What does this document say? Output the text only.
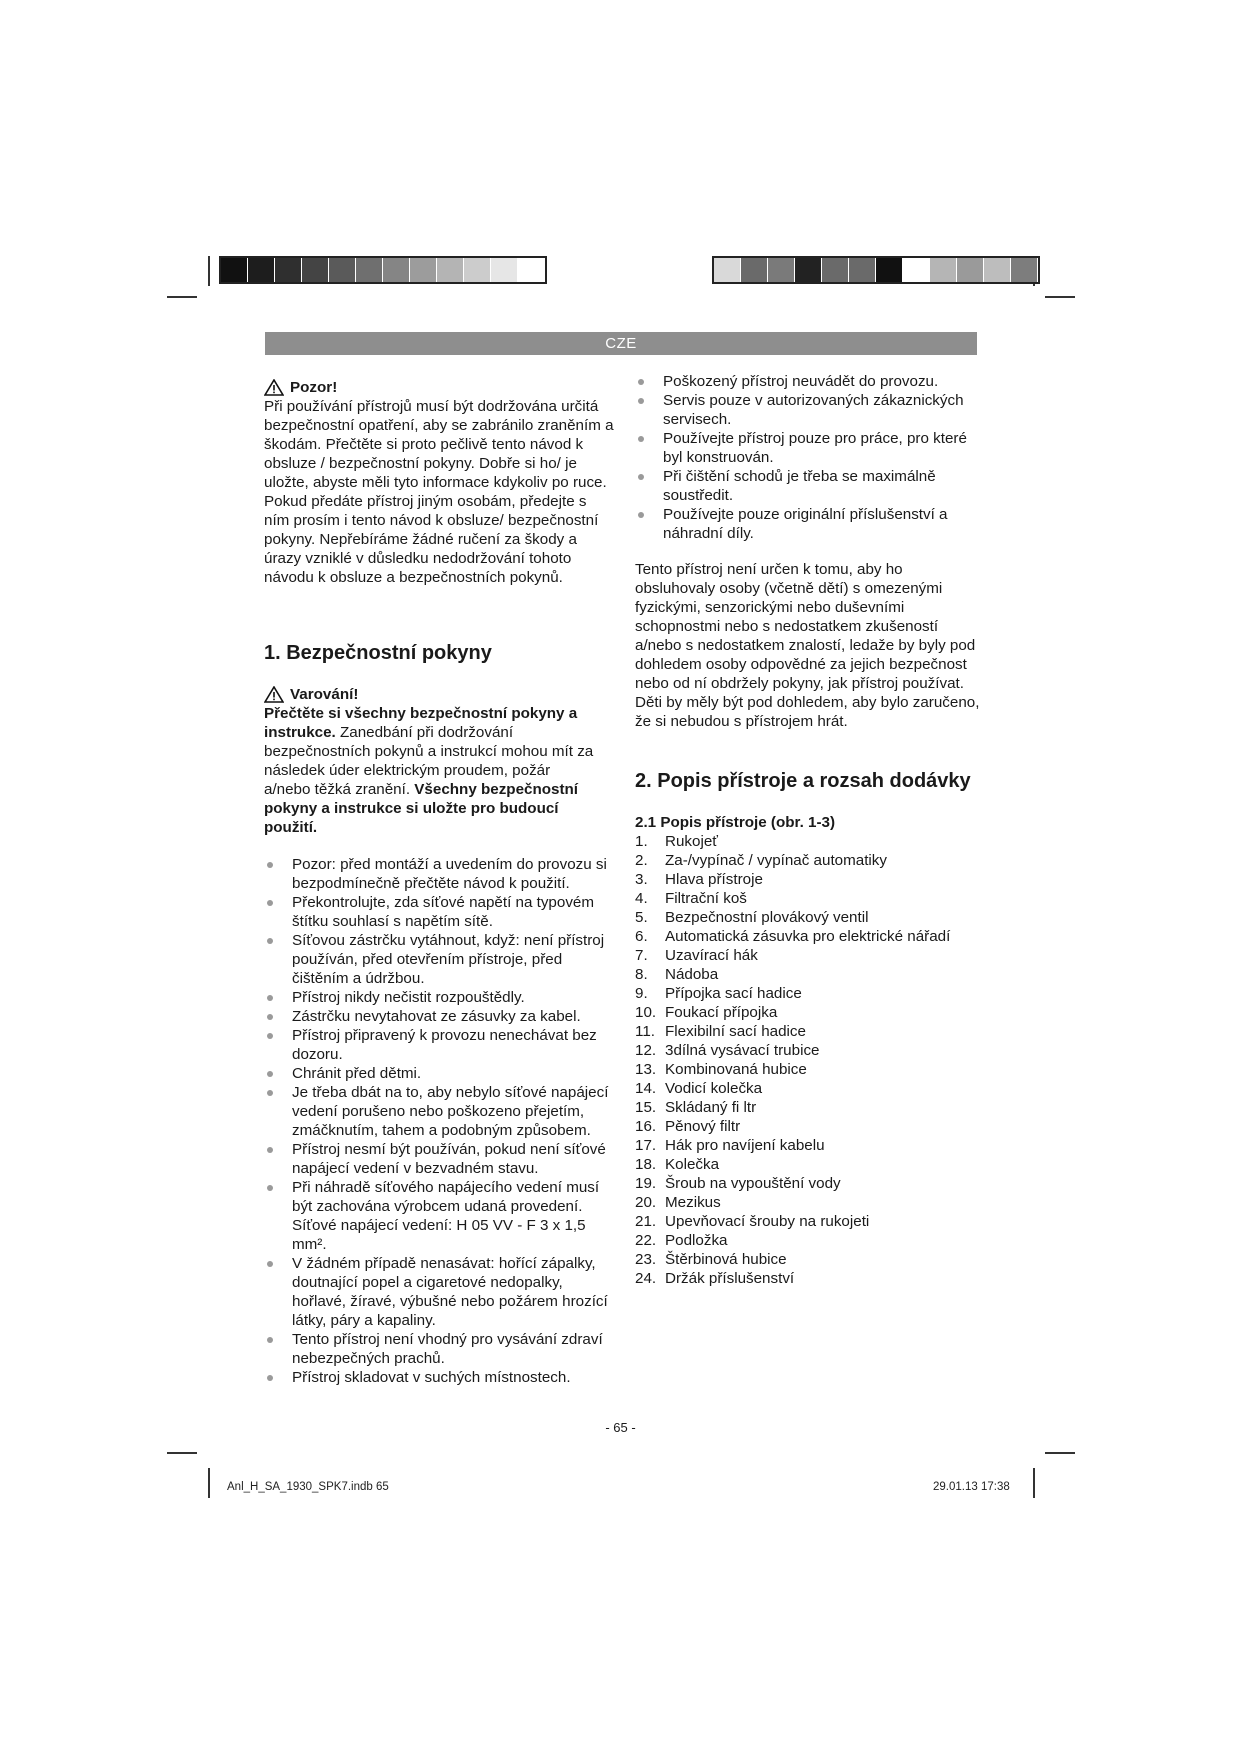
CZE
Pozor!

Při používání přístrojů musí být dodržována určitá bezpečnostní opatření, aby se zabránilo zraněním a škodám. Přečtěte si proto pečlivě tento návod k obsluze / bezpečnostní pokyny. Dobře si ho/ je uložte, abyste měli tyto informace kdykoliv po ruce. Pokud předáte přístroj jiným osobám, předejte s ním prosím i tento návod k obsluze/ bezpečnostní pokyny. Nepřebíráme žádné ručení za škody a úrazy vzniklé v důsledku nedodržování tohoto návodu k obsluze a bezpečnostních pokynů.

1. Bezpečnostní pokyny
Varování!

Přečtěte si všechny bezpečnostní pokyny a instrukce. Zanedbání při dodržování bezpečnostních pokynů a instrukcí mohou mít za následek úder elektrickým proudem, požár a/nebo těžká zranění. Všechny bezpečnostní pokyny a instrukce si uložte pro budoucí použití.

Pozor: před montáží a uvedením do provozu si bezpodmínečně přečtěte návod k použití.
Překontrolujte, zda síťové napětí na typovém štítku souhlasí s napětím sítě.
Síťovou zástrčku vytáhnout, když: není přístroj používán, před otevřením přístroje, před čištěním a údržbou.
Přístroj nikdy nečistit rozpouštědly.
Zástrčku nevytahovat ze zásuvky za kabel.
Přístroj připravený k provozu nenechávat bez dozoru.
Chránit před dětmi.
Je třeba dbát na to, aby nebylo síťové napájecí vedení porušeno nebo poškozeno přejetím, zmáčknutím, tahem a podobným způsobem.
Přístroj nesmí být používán, pokud není síťové napájecí vedení v bezvadném stavu.
Při náhradě síťového napájecího vedení musí být zachována výrobcem udaná provedení. Síťové napájecí vedení: H 05 VV - F 3 x 1,5 mm².
V žádném případě nenasávat: hořící zápalky, doutnající popel a cigaretové nedopalky, hořlavé, žíravé, výbušné nebo požárem hrozící látky, páry a kapaliny.
Tento přístroj není vhodný pro vysávání zdraví nebezpečných prachů.
Přístroj skladovat v suchých místnostech.
Poškozený přístroj neuvádět do provozu.
Servis pouze v autorizovaných zákaznických servisech.
Používejte přístroj pouze pro práce, pro které byl konstruován.
Při čištění schodů je třeba se maximálně soustředit.
Používejte pouze originální příslušenství a náhradní díly.

Tento přístroj není určen k tomu, aby ho obsluhovaly osoby (včetně dětí) s omezenými fyzickými, senzorickými nebo duševními schopnostmi nebo s nedostatkem zkušeností a/nebo s nedostatkem znalostí, ledaže by byly pod dohledem osoby odpovědné za jejich bezpečnost nebo od ní obdržely pokyny, jak přístroj používat. Děti by měly být pod dohledem, aby bylo zaručeno, že si nebudou s přístrojem hrát.

2. Popis přístroje a rozsah dodávky

2.1 Popis přístroje (obr. 1-3)

1.	Rukojeť
2.	Za-/vypínač / vypínač automatiky
3.	Hlava přístroje
4.	Filtrační koš
5.	Bezpečnostní plovákový ventil
6.	Automatická zásuvka pro elektrické nářadí
7.	Uzavírací hák
8.	Nádoba
9.	Přípojka sací hadice
10. Foukací přípojka
11. Flexibilní sací hadice
12. 3dílná vysávací trubice
13. Kombinovaná hubice
14. Vodicí kolečka
15. Skládaný fi ltr
16. Pěnový filtr
17. Hák pro navíjení kabelu
18. Kolečka
19. Šroub na vypouštění vody
20. Mezikus
21. Upevňovací šrouby na rukojeti
22. Podložka
23. Štěrbinová hubice
24. Držák příslušenství
- 65 -
Anl_H_SA_1930_SPK7.indb 65	29.01.13 17:38
